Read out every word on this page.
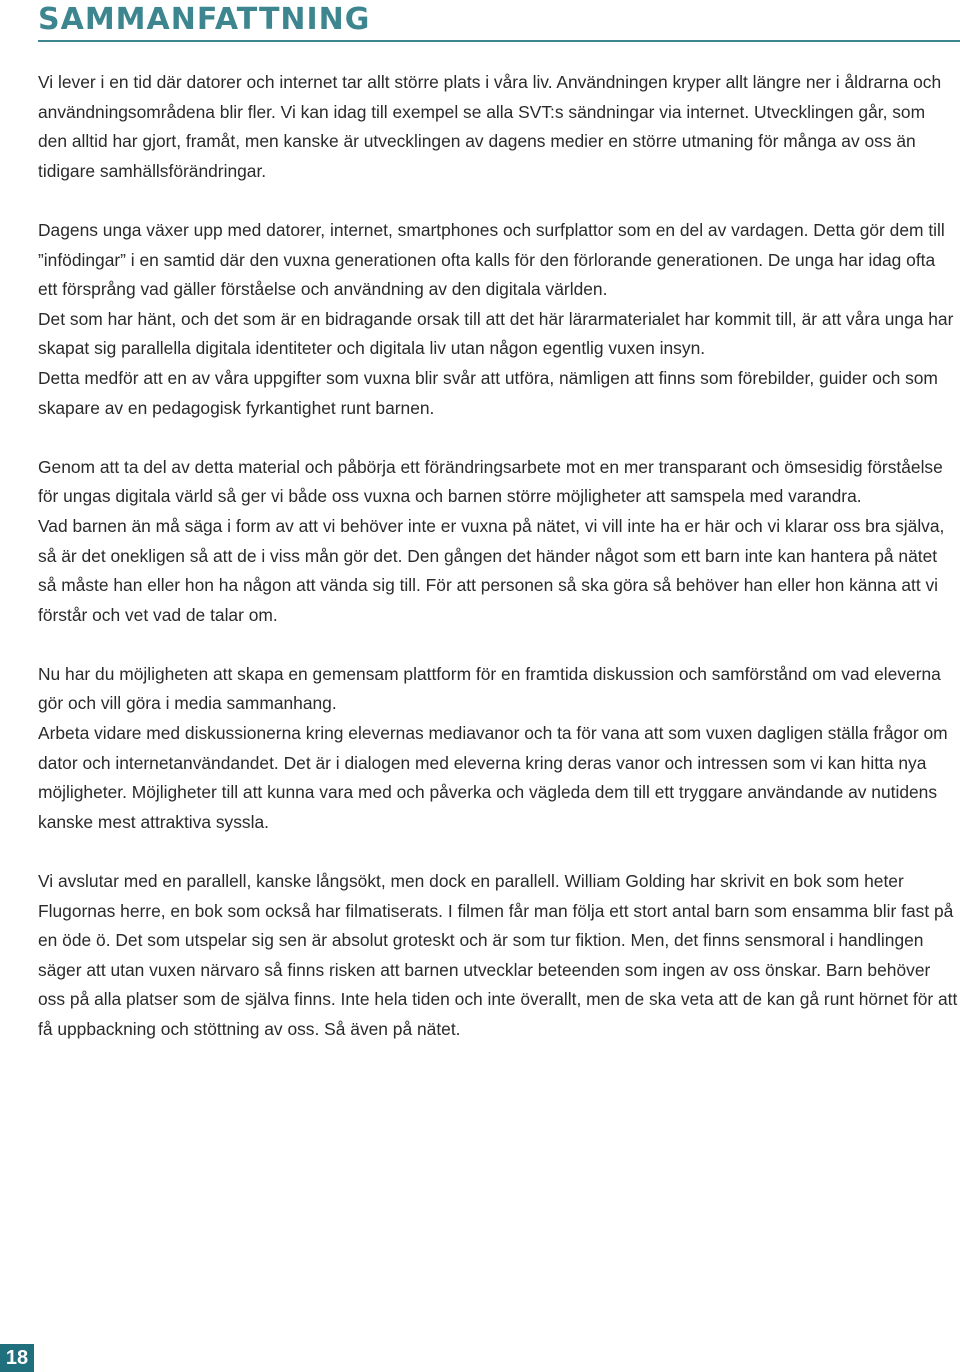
SAMMANFATTNING

Vi lever i en tid där datorer och internet tar allt större plats i våra liv. Användningen kryper allt längre ner i åldrarna och användningsområdena blir fler. Vi kan idag till exempel se alla SVT:s sändningar via internet. Utvecklingen går, som den alltid har gjort, framåt, men kanske är utvecklingen av dagens medier en större utmaning för många av oss än tidigare samhällsförändringar.

Dagens unga växer upp med datorer, internet, smartphones och surfplattor som en del av vardagen. Detta gör dem till ”infödingar” i en samtid där den vuxna generationen ofta kalls för den förlorande generationen. De unga har idag ofta ett försprång vad gäller förståelse och användning av den digitala världen.

Det som har hänt, och det som är en bidragande orsak till att det här lärarmaterialet har kommit till, är att våra unga har skapat sig parallella digitala identiteter och digitala liv utan någon egentlig vuxen insyn.

Detta medför att en av våra uppgifter som vuxna blir svår att utföra, nämligen att finns som förebilder, guider och som skapare av en pedagogisk fyrkantighet runt barnen.

Genom att ta del av detta material och påbörja ett förändringsarbete mot en mer transparant och ömsesidig förståelse för ungas digitala värld så ger vi både oss vuxna och barnen större möjligheter att samspela med varandra.

Vad barnen än må säga i form av att vi behöver inte er vuxna på nätet, vi vill inte ha er här och vi klarar oss bra själva, så är det onekligen så att de i viss mån gör det. Den gången det händer något som ett barn inte kan hantera på nätet så måste han eller hon ha någon att vända sig till. För att personen så ska göra så behöver han eller hon känna att vi förstår och vet vad de talar om.

Nu har du möjligheten att skapa en gemensam plattform för en framtida diskussion och samförstånd om vad eleverna gör och vill göra i media sammanhang.

Arbeta vidare med diskussionerna kring elevernas mediavanor och ta för vana att som vuxen dagligen ställa frågor om dator och internetanvändandet. Det är i dialogen med eleverna kring deras vanor och intressen som vi kan hitta nya möjligheter. Möjligheter till att kunna vara med och påverka och vägleda dem till ett tryggare användande av nutidens kanske mest attraktiva syssla.

Vi avslutar med en parallell, kanske långsökt, men dock en parallell. William Golding har skrivit en bok som heter Flugornas herre, en bok som också har filmatiserats. I filmen får man följa ett stort antal barn som ensamma blir fast på en öde ö. Det som utspelar sig sen är absolut groteskt och är som tur fiktion. Men, det finns sensmoral i handlingen säger att utan vuxen närvaro så finns risken att barnen utvecklar beteenden som ingen av oss önskar. Barn behöver oss på alla platser som de själva finns. Inte hela tiden och inte överallt, men de ska veta att de kan gå runt hörnet för att få uppbackning och stöttning av oss. Så även på nätet.

18
